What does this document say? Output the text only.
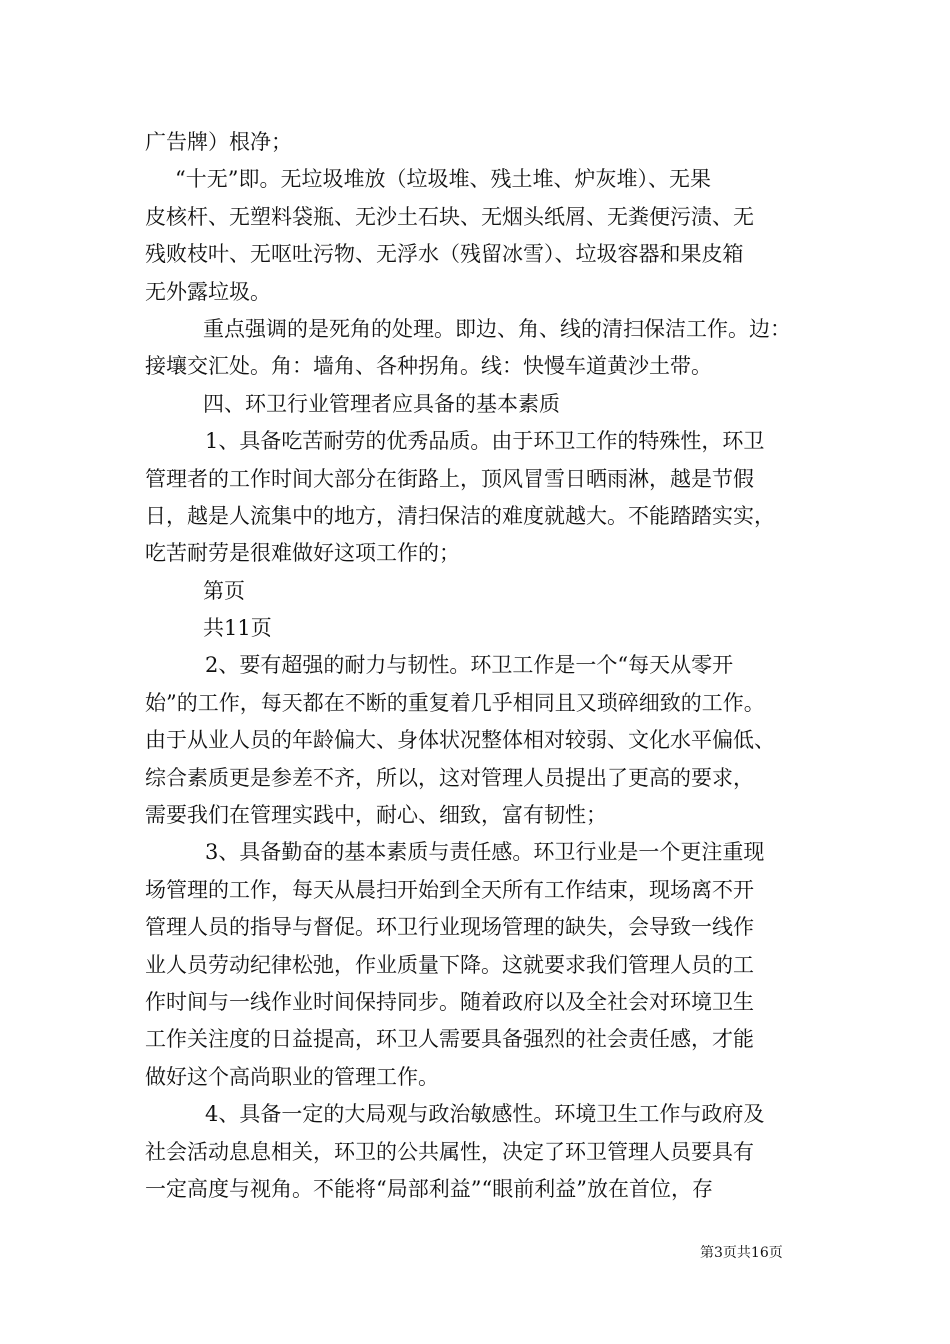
广告牌）根净；
“十无”即。无垃圾堆放（垃圾堆、残土堆、炉灰堆）、无果
皮核杆、无塑料袋瓶、无沙土石块、无烟头纸屑、无粪便污渍、无
残败枝叶、无呕吐污物、无浮水（残留冰雪）、垃圾容器和果皮箱
无外露垃圾。
重点强调的是死角的处理。即边、角、线的清扫保洁工作。边：
接壤交汇处。角：墙角、各种拐角。线：快慢车道黄沙土带。
四、环卫行业管理者应具备的基本素质
1、具备吃苦耐劳的优秀品质。由于环卫工作的特殊性，环卫
管理者的工作时间大部分在街路上，顶风冒雪日晒雨淋，越是节假
日，越是人流集中的地方，清扫保洁的难度就越大。不能踏踏实实，
吃苦耐劳是很难做好这项工作的；
第页
共11页
2、要有超强的耐力与韧性。环卫工作是一个“每天从零开
始”的工作，每天都在不断的重复着几乎相同且又琐碎细致的工作。
由于从业人员的年龄偏大、身体状况整体相对较弱、文化水平偏低、
综合素质更是参差不齐，所以，这对管理人员提出了更高的要求，
需要我们在管理实践中，耐心、细致，富有韧性；
3、具备勤奋的基本素质与责任感。环卫行业是一个更注重现
场管理的工作，每天从晨扫开始到全天所有工作结束，现场离不开
管理人员的指导与督促。环卫行业现场管理的缺失，会导致一线作
业人员劳动纪律松弛，作业质量下降。这就要求我们管理人员的工
作时间与一线作业时间保持同步。随着政府以及全社会对环境卫生
工作关注度的日益提高，环卫人需要具备强烈的社会责任感，才能
做好这个高尚职业的管理工作。
4、具备一定的大局观与政治敏感性。环境卫生工作与政府及
社会活动息息相关，环卫的公共属性，决定了环卫管理人员要具有
一定高度与视角。不能将“局部利益”“眼前利益”放在首位，存
第3页共16页
